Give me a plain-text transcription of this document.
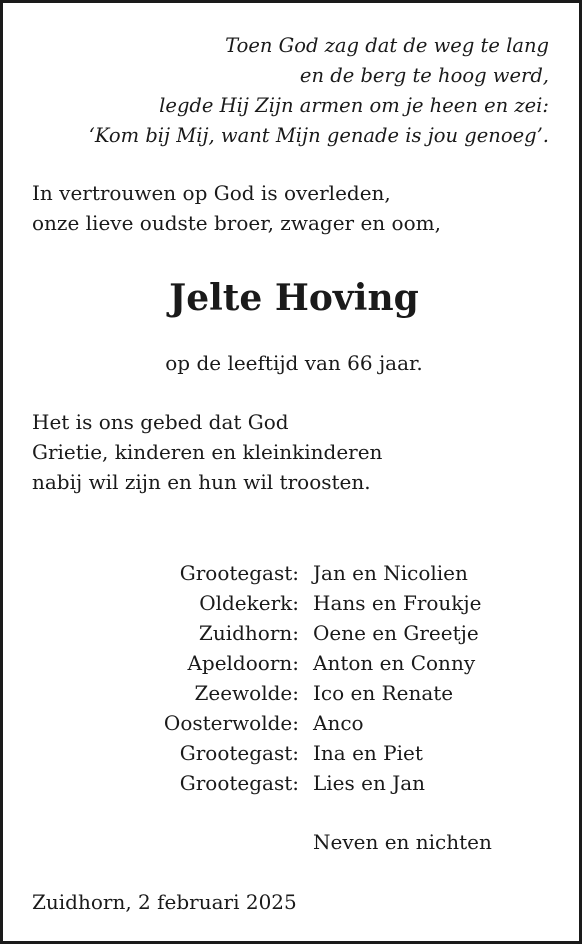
Toen God zag dat de weg te lang
en de berg te hoog werd,
legde Hij Zijn armen om je heen en zei:
‘Kom bij Mij, want Mijn genade is jou genoeg’.
In vertrouwen op God is overleden,
onze lieve oudste broer, zwager en oom,
Jelte Hoving
op de leeftijd van 66 jaar.
Het is ons gebed dat God
Grietie, kinderen en kleinkinderen
nabij wil zijn en hun wil troosten.
Grootegast: Jan en Nicolien
Oldekerk: Hans en Froukje
Zuidhorn: Oene en Greetje
Apeldoorn: Anton en Conny
Zeewolde: Ico en Renate
Oosterwolde: Anco
Grootegast: Ina en Piet
Grootegast: Lies en Jan
Neven en nichten
Zuidhorn, 2 februari 2025
